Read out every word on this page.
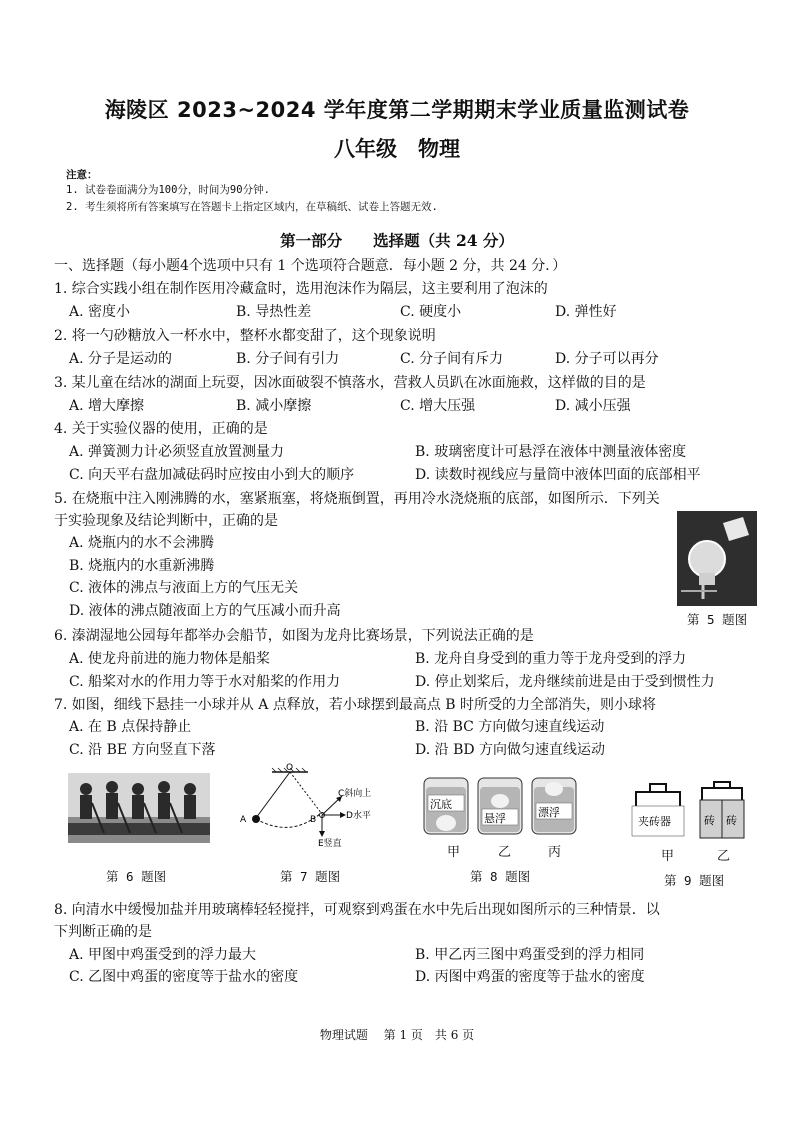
海陵区 2023~2024 学年度第二学期期末学业质量监测试卷
八年级　物理
注意：
1. 试卷卷面满分为100分，时间为90分钟.
2. 考生须将所有答案填写在答题卡上指定区域内，在草稿纸、试卷上答题无效.
第一部分　　选择题（共 24 分）
一、选择题（每小题4个选项中只有 1 个选项符合题意．每小题 2 分，共 24 分．）
1. 综合实践小组在制作医用冷藏盒时，选用泡沫作为隔层，这主要利用了泡沫的
A. 密度小	B. 导热性差	C. 硬度小	D. 弹性好
2. 将一勺砂糖放入一杯水中，整杯水都变甜了，这个现象说明
A. 分子是运动的	B. 分子间有引力	C. 分子间有斥力	D. 分子可以再分
3. 某儿童在结冰的湖面上玩耍，因冰面破裂不慎落水，营救人员趴在冰面施救，这样做的目的是
A. 增大摩擦	B. 减小摩擦	C. 增大压强	D. 减小压强
4. 关于实验仪器的使用，正确的是
A. 弹簧测力计必须竖直放置测量力	B. 玻璃密度计可悬浮在液体中测量液体密度
C. 向天平右盘加减砝码时应按由小到大的顺序	D. 读数时视线应与量筒中液体凹面的底部相平
5. 在烧瓶中注入刚沸腾的水，塞紧瓶塞，将烧瓶倒置，再用冷水浇烧瓶的底部，如图所示．下列关
于实验现象及结论判断中，正确的是
A. 烧瓶内的水不会沸腾
B. 烧瓶内的水重新沸腾
C. 液体的沸点与液面上方的气压无关
D. 液体的沸点随液面上方的气压减小而升高
第 5 题图
6. 溱湖湿地公园每年都举办会船节，如图为龙舟比赛场景，下列说法正确的是
A. 使龙舟前进的施力物体是船桨	B. 龙舟自身受到的重力等于龙舟受到的浮力
C. 船桨对水的作用力等于水对船桨的作用力	D. 停止划桨后，龙舟继续前进是由于受到惯性力
7. 如图，细线下悬挂一小球并从 A 点释放，若小球摆到最高点 B 时所受的力全部消失，则小球将
A. 在 B 点保持静止	B. 沿 BC 方向做匀速直线运动
C. 沿 BE 方向竖直下落	D. 沿 BD 方向做匀速直线运动
第 6 题图
O
A	B
C斜向上
D水平
E竖直
第 7 题图
沉底
悬浮	漂浮
甲	乙	丙
第 8 题图
夹砖器	砖　砖
甲	乙
第 9 题图
8. 向清水中缓慢加盐并用玻璃棒轻轻搅拌，可观察到鸡蛋在水中先后出现如图所示的三种情景．以
下判断正确的是
A. 甲图中鸡蛋受到的浮力最大	B. 甲乙丙三图中鸡蛋受到的浮力相同
C. 乙图中鸡蛋的密度等于盐水的密度	D. 丙图中鸡蛋的密度等于盐水的密度
物理试题　 第 1 页　共 6 页
